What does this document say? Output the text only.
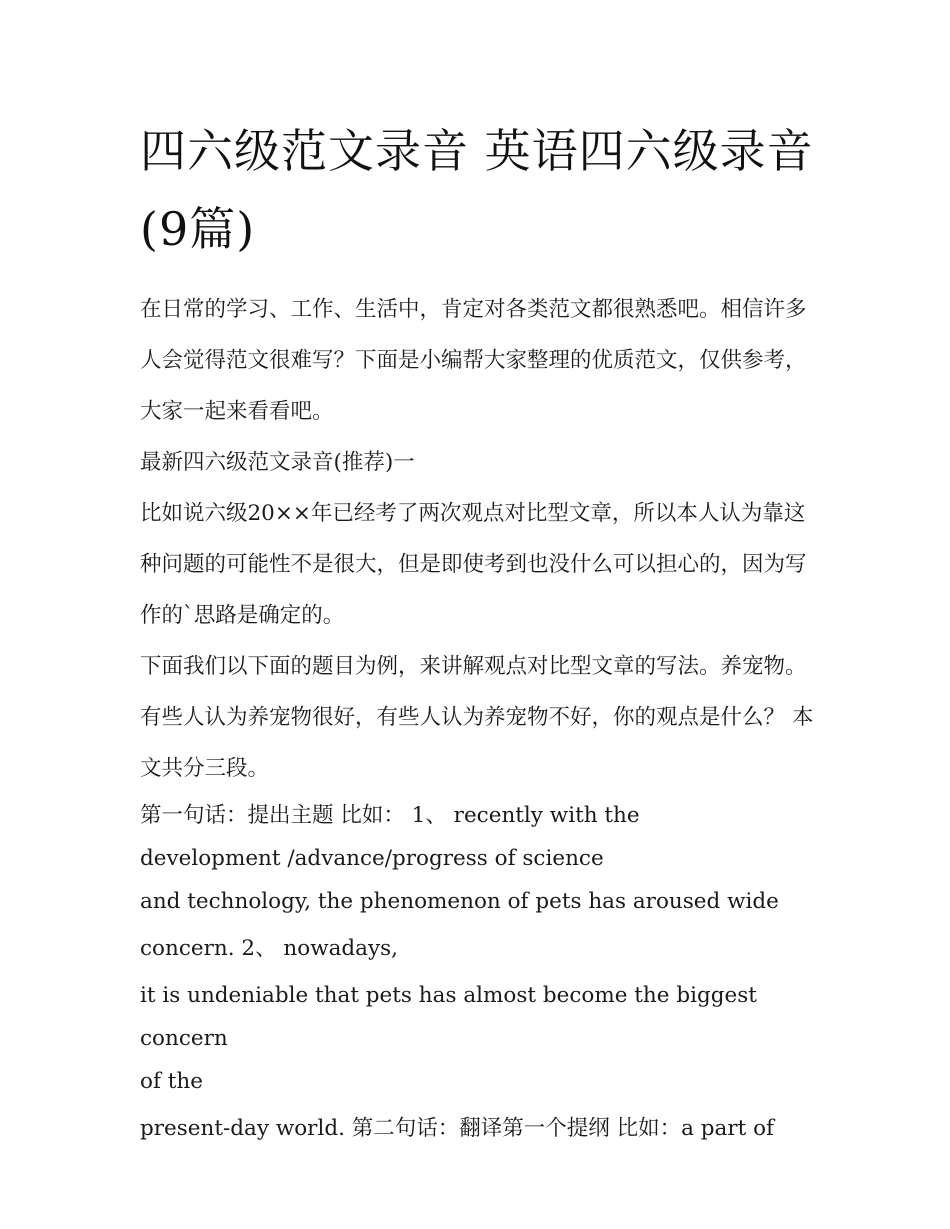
四六级范文录音 英语四六级录音(9篇)

在日常的学习、工作、生活中，肯定对各类范文都很熟悉吧。相信许多人会觉得范文很难写？下面是小编帮大家整理的优质范文，仅供参考，大家一起来看看吧。

最新四六级范文录音(推荐)一

比如说六级20××年已经考了两次观点对比型文章，所以本人认为靠这种问题的可能性不是很大，但是即使考到也没什么可以担心的，因为写作的`思路是确定的。

下面我们以下面的题目为例，来讲解观点对比型文章的写法。养宠物。有些人认为养宠物很好，有些人认为养宠物不好，你的观点是什么？ 本文共分三段。

第一句话：提出主题 比如： 1、 recently with the

development /advance/progress of science

and technology, the phenomenon of pets has aroused wide

concern. 2、 nowadays,

it is undeniable that pets has almost become the biggest concern

of the

present-day world. 第二句话：翻译第一个提纲 比如：a part of
